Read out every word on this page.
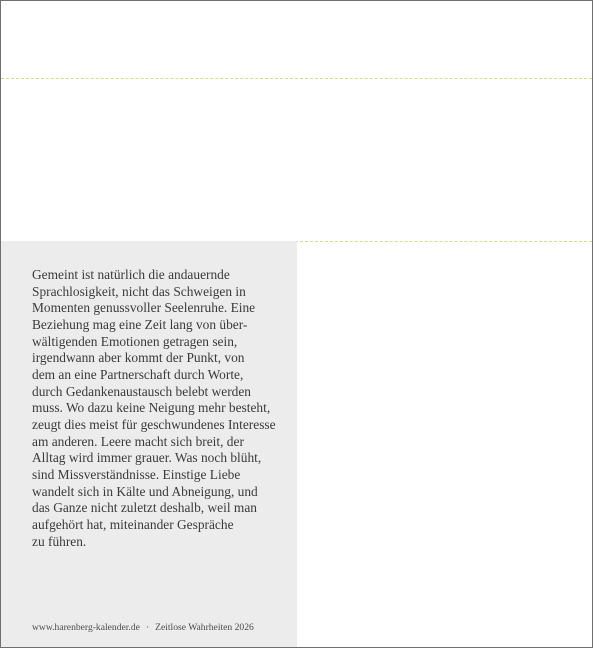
Gemeint ist natürlich die andauernde
Sprachlosigkeit, nicht das Schweigen in
Momenten genussvoller Seelenruhe. Eine
Beziehung mag eine Zeit lang von über-
wältigenden Emotionen getragen sein,
irgendwann aber kommt der Punkt, von
dem an eine Partnerschaft durch Worte,
durch Gedankenaustausch belebt werden
muss. Wo dazu keine Neigung mehr besteht,
zeugt dies meist für geschwundenes Interesse
am anderen. Leere macht sich breit, der
Alltag wird immer grauer. Was noch blüht,
sind Missverständnisse. Einstige Liebe
wandelt sich in Kälte und Abneigung, und
das Ganze nicht zuletzt deshalb, weil man
aufgehört hat, miteinander Gespräche
zu führen.

www.harenberg-kalender.de · Zeitlose Wahrheiten 2026
